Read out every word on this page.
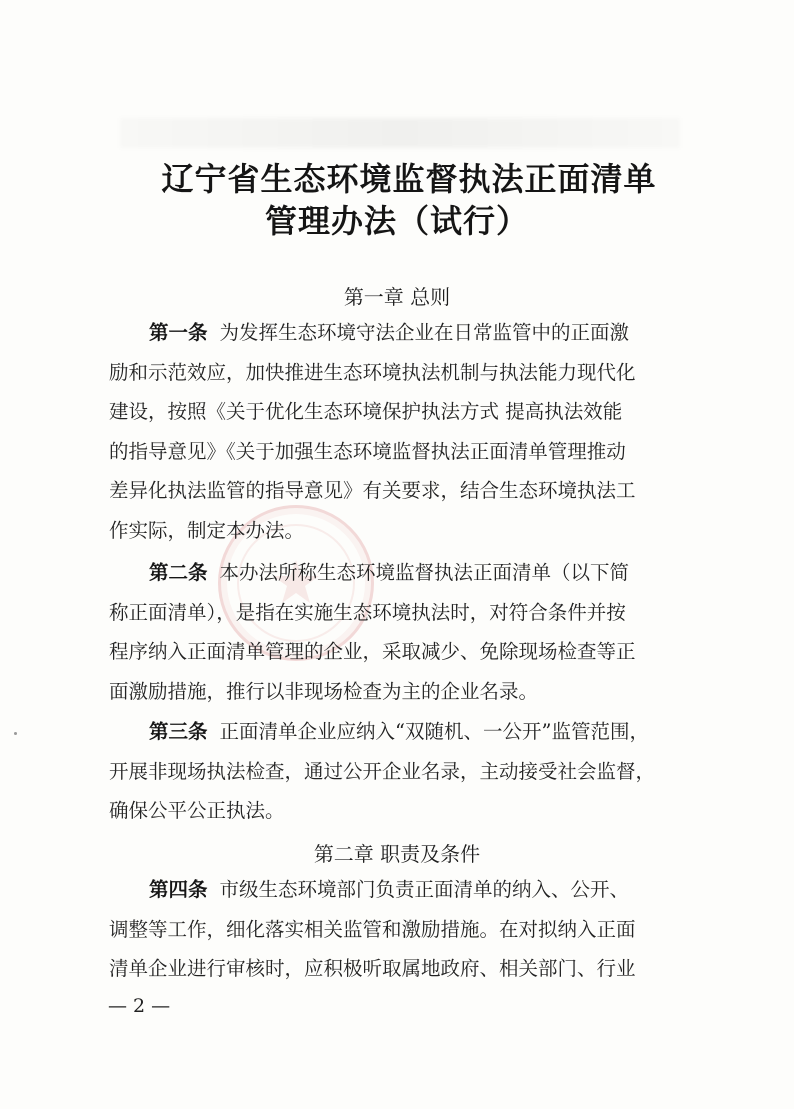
辽宁省生态环境监督执法正面清单
管理办法（试行）
第一章 总则
第一条 为发挥生态环境守法企业在日常监管中的正面激
励和示范效应，加快推进生态环境执法机制与执法能力现代化
建设，按照《关于优化生态环境保护执法方式 提高执法效能
的指导意见》《关于加强生态环境监督执法正面清单管理推动
差异化执法监管的指导意见》有关要求，结合生态环境执法工
作实际，制定本办法。
第二条 本办法所称生态环境监督执法正面清单（以下简
称正面清单），是指在实施生态环境执法时，对符合条件并按
程序纳入正面清单管理的企业，采取减少、免除现场检查等正
面激励措施，推行以非现场检查为主的企业名录。
第三条 正面清单企业应纳入“双随机、一公开”监管范围，
开展非现场执法检查，通过公开企业名录，主动接受社会监督，
确保公平公正执法。
第二章 职责及条件
第四条 市级生态环境部门负责正面清单的纳入、公开、
调整等工作，细化落实相关监管和激励措施。在对拟纳入正面
清单企业进行审核时，应积极听取属地政府、相关部门、行业
— 2 —
